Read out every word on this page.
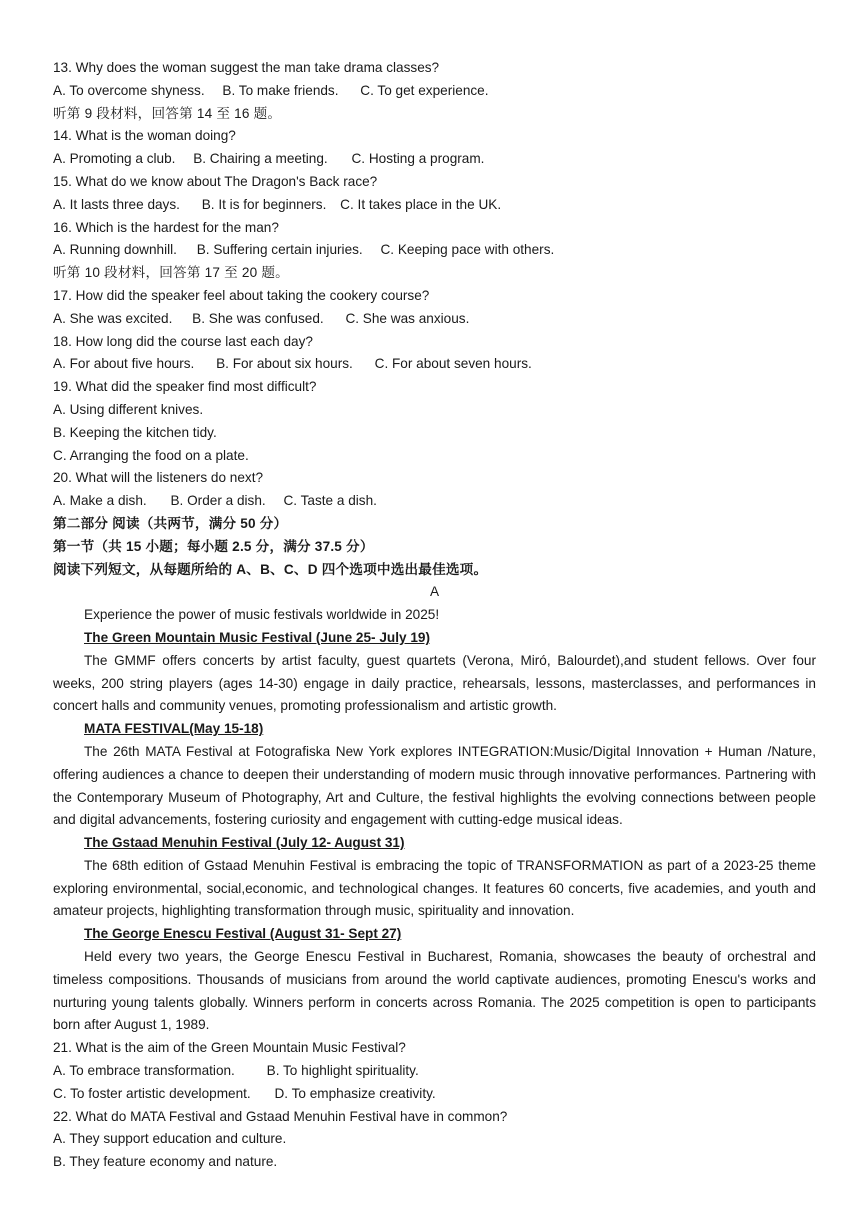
13. Why does the woman suggest the man take drama classes?
A. To overcome shyness. B. To make friends. C. To get experience.
听第 9 段材料，回答第 14 至 16 题。
14. What is the woman doing?
A. Promoting a club. B. Chairing a meeting. C. Hosting a program.
15. What do we know about The Dragon's Back race?
A. It lasts three days. B. It is for beginners. C. It takes place in the UK.
16. Which is the hardest for the man?
A. Running downhill. B. Suffering certain injuries. C. Keeping pace with others.
听第 10 段材料，回答第 17 至 20 题。
17. How did the speaker feel about taking the cookery course?
A. She was excited. B. She was confused. C. She was anxious.
18. How long did the course last each day?
A. For about five hours. B. For about six hours. C. For about seven hours.
19. What did the speaker find most difficult?
A. Using different knives.
B. Keeping the kitchen tidy.
C. Arranging the food on a plate.
20. What will the listeners do next?
A. Make a dish. B. Order a dish. C. Taste a dish.
第二部分 阅读（共两节，满分 50 分）
第一节（共 15 小题；每小题 2.5 分，满分 37.5 分）
阅读下列短文，从每题所给的 A、B、C、D 四个选项中选出最佳选项。
A
Experience the power of music festivals worldwide in 2025!
The Green Mountain Music Festival (June 25- July 19)
The GMMF offers concerts by artist faculty, guest quartets (Verona, Miró, Balourdet),and student fellows. Over four weeks, 200 string players (ages 14-30) engage in daily practice, rehearsals, lessons, masterclasses, and performances in concert halls and community venues, promoting professionalism and artistic growth.
MATA FESTIVAL(May 15-18)
The 26th MATA Festival at Fotografiska New York explores INTEGRATION:Music/Digital Innovation + Human /Nature, offering audiences a chance to deepen their understanding of modern music through innovative performances. Partnering with the Contemporary Museum of Photography, Art and Culture, the festival highlights the evolving connections between people and digital advancements, fostering curiosity and engagement with cutting-edge musical ideas.
The Gstaad Menuhin Festival (July 12- August 31)
The 68th edition of Gstaad Menuhin Festival is embracing the topic of TRANSFORMATION as part of a 2023-25 theme exploring environmental, social,economic, and technological changes. It features 60 concerts, five academies, and youth and amateur projects, highlighting transformation through music, spirituality and innovation.
The George Enescu Festival (August 31- Sept 27)
Held every two years, the George Enescu Festival in Bucharest, Romania, showcases the beauty of orchestral and timeless compositions. Thousands of musicians from around the world captivate audiences, promoting Enescu's works and nurturing young talents globally. Winners perform in concerts across Romania. The 2025 competition is open to participants born after August 1, 1989.
21. What is the aim of the Green Mountain Music Festival?
A. To embrace transformation. B. To highlight spirituality.
C. To foster artistic development. D. To emphasize creativity.
22. What do MATA Festival and Gstaad Menuhin Festival have in common?
A. They support education and culture.
B. They feature economy and nature.
